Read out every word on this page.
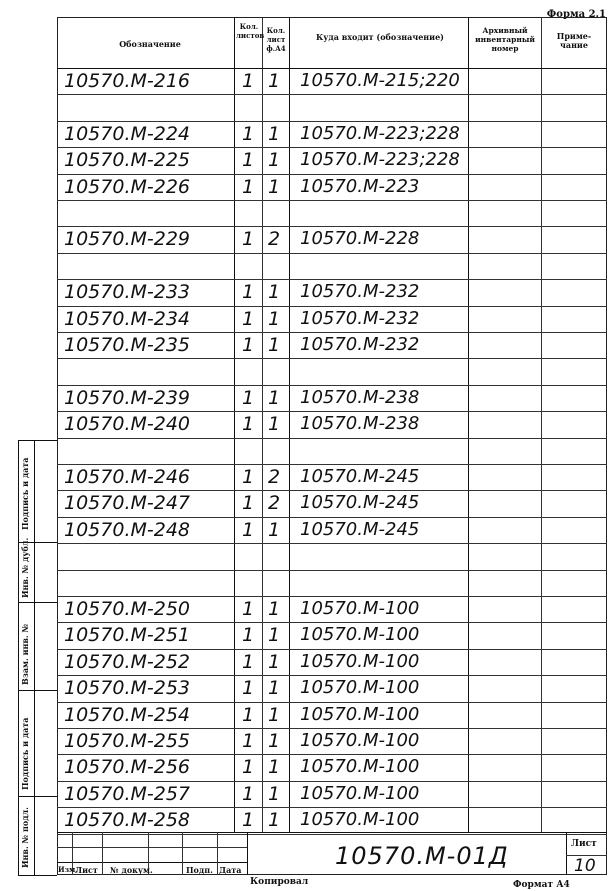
Форма 2.1
Обозначение
Кол. листов
Кол. лист ф.А4
Куда входит (обозначение)
Архивный инвентарный номер
Приме- чание
10570.М-216	1 1 10570.М-215;220
10570.М-224	1 1 10570.М-223;228
10570.М-225	1 1 10570.М-223;228
10570.М-226	1 1 10570.М-223
10570.М-229	1 2 10570.М-228
10570.М-233	1 1 10570.М-232
10570.М-234	1 1 10570.М-232
10570.М-235	1 1 10570.М-232
10570.М-239	1 1 10570.М-238
10570.М-240	1 1 10570.М-238
10570.М-246	1 2 10570.М-245
10570.М-247	1 2 10570.М-245
10570.М-248	1 1 10570.М-245
10570.М-250	1 1 10570.М-100
10570.М-251	1 1 10570.М-100
10570.М-252	1 1 10570.М-100
10570.М-253	1 1 10570.М-100
10570.М-254	1 1 10570.М-100
10570.М-255	1 1 10570.М-100
10570.М-256	1 1 10570.М-100
10570.М-257	1 1 10570.М-100
10570.М-258	1 1 10570.М-100
Подпись и дата
Инв. № дубл.
Взам. инв. №
Подпись и дата
Инв. № подл.
Изм.
Лист № докум.	Подп. Дата	10570.М-01Д	Лист
10
Копировал	Формат А4
